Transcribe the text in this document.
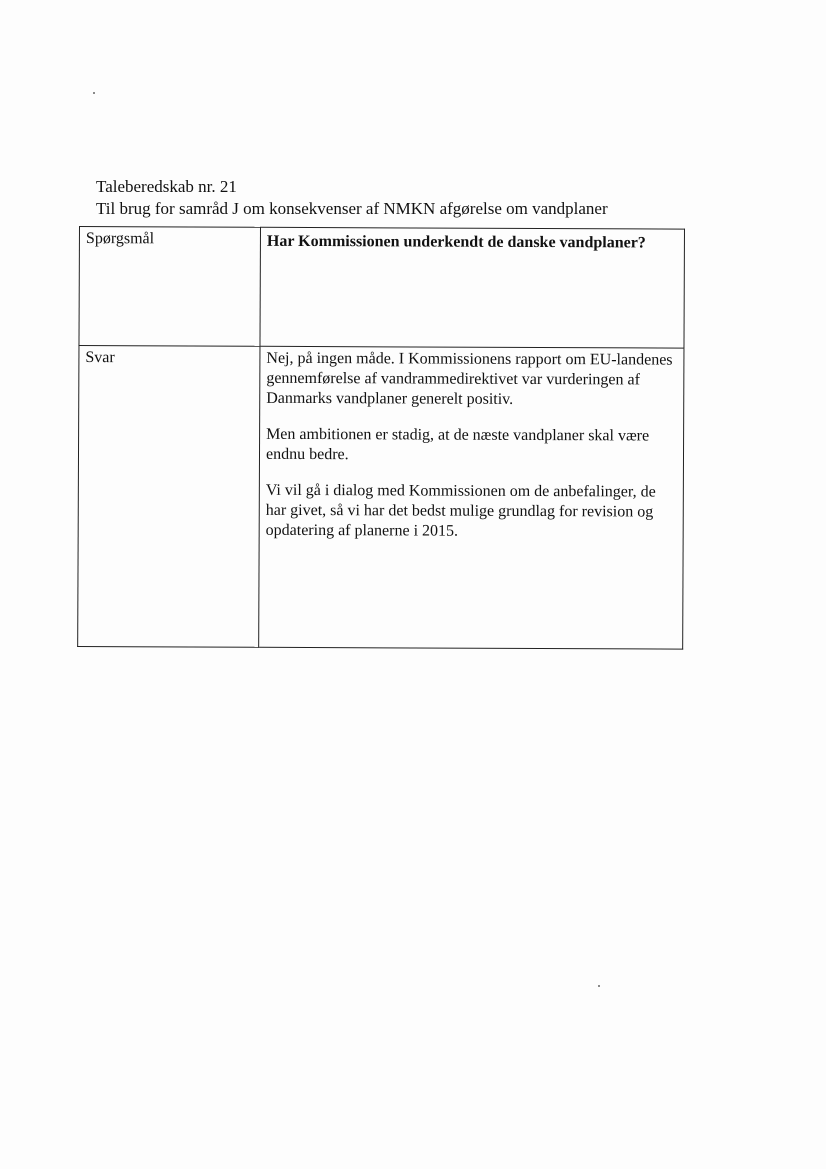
Taleberedskab nr. 21
Til brug for samråd J om konsekvenser af NMKN afgørelse om vandplaner
Spørgsmål	Har Kommissionen underkendt de danske vandplaner?

Svar	Nej, på ingen måde. I Kommissionens rapport om EU-landenes gennemførelse af vandrammedirektivet var vurderingen af Danmarks vandplaner generelt positiv.

Men ambitionen er stadig, at de næste vandplaner skal være endnu bedre.

Vi vil gå i dialog med Kommissionen om de anbefalinger, de har givet, så vi har det bedst mulige grundlag for revision og opdatering af planerne i 2015.
